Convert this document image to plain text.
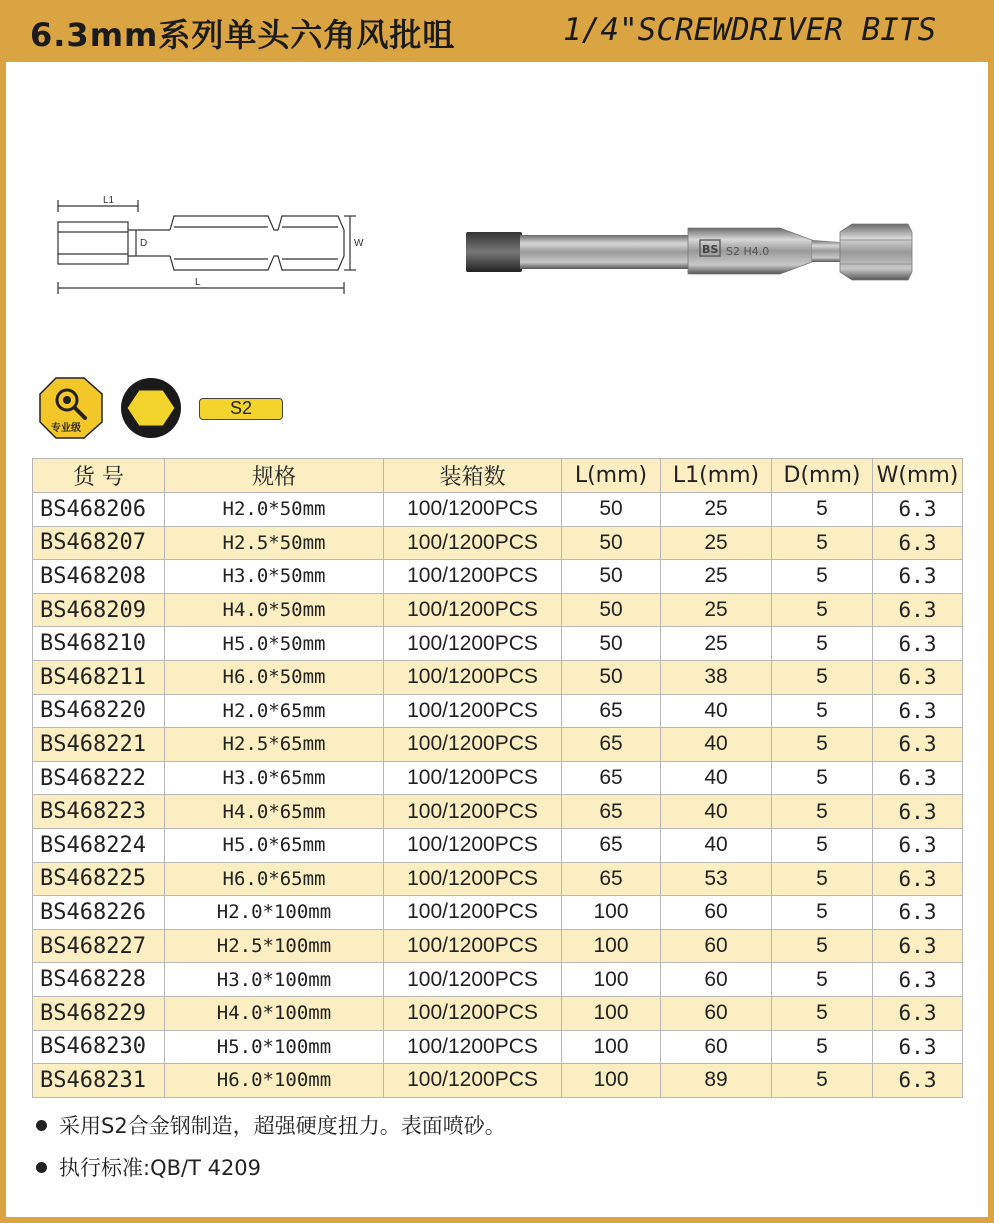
6.3mm系列单头六角风批咀	1/4"SCREWDRIVER BITS
L1
D	W
L
BS S2 H4.0
专业级
S2
货 号	规格	装箱数	L(mm)	L1(mm)	D(mm)	W(mm)
BS468206	H2.0*50mm	100/1200PCS	50	25	5	6.3
BS468207	H2.5*50mm	100/1200PCS	50	25	5	6.3
BS468208	H3.0*50mm	100/1200PCS	50	25	5	6.3
BS468209	H4.0*50mm	100/1200PCS	50	25	5	6.3
BS468210	H5.0*50mm	100/1200PCS	50	25	5	6.3
BS468211	H6.0*50mm	100/1200PCS	50	38	5	6.3
BS468220	H2.0*65mm	100/1200PCS	65	40	5	6.3
BS468221	H2.5*65mm	100/1200PCS	65	40	5	6.3
BS468222	H3.0*65mm	100/1200PCS	65	40	5	6.3
BS468223	H4.0*65mm	100/1200PCS	65	40	5	6.3
BS468224	H5.0*65mm	100/1200PCS	65	40	5	6.3
BS468225	H6.0*65mm	100/1200PCS	65	53	5	6.3
BS468226	H2.0*100mm	100/1200PCS	100	60	5	6.3
BS468227	H2.5*100mm	100/1200PCS	100	60	5	6.3
BS468228	H3.0*100mm	100/1200PCS	100	60	5	6.3
BS468229	H4.0*100mm	100/1200PCS	100	60	5	6.3
BS468230	H5.0*100mm	100/1200PCS	100	60	5	6.3
BS468231	H6.0*100mm	100/1200PCS	100	89	5	6.3
采用S2合金钢制造，超强硬度扭力。表面喷砂。
执行标准:QB/T 4209
